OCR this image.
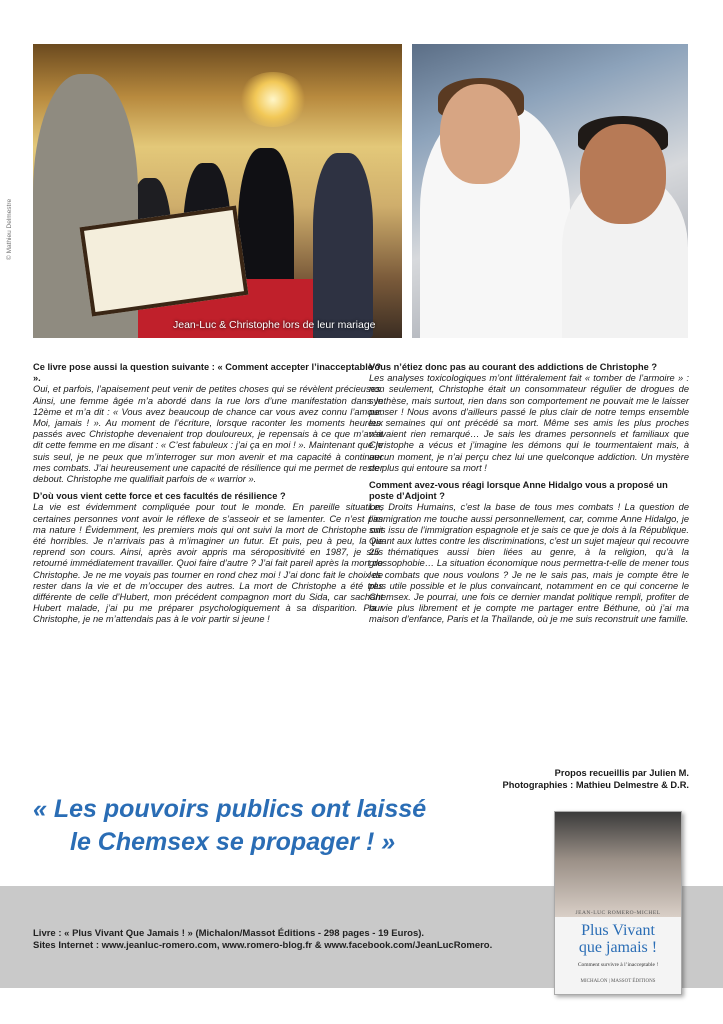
Jean-Luc & Christophe lors de leur mariage
© Mathieu Delmestre

Ce livre pose aussi la question suivante : « Comment accepter l’inacceptable ? ».

Oui, et parfois, l’apaisement peut venir de petites choses qui se révèlent précieuses. Ainsi, une femme âgée m’a abordé dans la rue lors d’une manifestation dans le 12ème et m’a dit : « Vous avez beaucoup de chance car vous avez connu l’amour. Moi, jamais ! ». Au moment de l’écriture, lorsque raconter les moments heureux passés avec Christophe devenaient trop douloureux, je repensais à ce que m’avait dit cette femme en me disant : « C’est fabuleux : j’ai ça en moi ! ». Maintenant que je suis seul, je ne peux que m’interroger sur mon avenir et ma capacité à continuer mes combats. J’ai heureusement une capacité de résilience qui me permet de rester debout. Christophe me qualifiait parfois de « warrior ».

D’où vous vient cette force et ces facultés de résilience ?

La vie est évidemment compliquée pour tout le monde. En pareille situation, certaines personnes vont avoir le réflexe de s’asseoir et se lamenter. Ce n’est pas ma nature ! Évidemment, les premiers mois qui ont suivi la mort de Christophe ont été horribles. Je n’arrivais pas à m’imaginer un futur. Et puis, peu à peu, la vie reprend son cours. Ainsi, après avoir appris ma séropositivité en 1987, je suis retourné immédiatement travailler. Quoi faire d’autre ? J’ai fait pareil après la mort de Christophe. Je ne me voyais pas tourner en rond chez moi ! J’ai donc fait le choix de rester dans la vie et de m’occuper des autres. La mort de Christophe a été très différente de celle d’Hubert, mon précédent compagnon mort du Sida, car sachant Hubert malade, j’ai pu me préparer psychologiquement à sa disparition. Pour Christophe, je ne m’attendais pas à le voir partir si jeune !

Vous n’étiez donc pas au courant des addictions de Christophe ?

Les analyses toxicologiques m’ont littéralement fait « tomber de l’armoire » : non seulement, Christophe était un consommateur régulier de drogues de synthèse, mais surtout, rien dans son comportement ne pouvait me le laisser penser ! Nous avons d’ailleurs passé le plus clair de notre temps ensemble les semaines qui ont précédé sa mort. Même ses amis les plus proches n’avaient rien remarqué… Je sais les drames personnels et familiaux que Christophe a vécus et j’imagine les démons qui le tourmentaient mais, à aucun moment, je n’ai perçu chez lui une quelconque addiction. Un mystère de plus qui entoure sa mort !

Comment avez-vous réagi lorsque Anne Hidalgo vous a proposé un poste d’Adjoint ?

Les Droits Humains, c’est la base de tous mes combats ! La question de l’immigration me touche aussi personnellement, car, comme Anne Hidalgo, je suis issu de l’immigration espagnole et je sais ce que je dois à la République. Quant aux luttes contre les discriminations, c’est un sujet majeur qui recouvre 25 thématiques aussi bien liées au genre, à la religion, qu’à la grossophobie… La situation économique nous permettra-t-elle de mener tous les combats que nous voulons ? Je ne le sais pas, mais je compte être le plus utile possible et le plus convaincant, notamment en ce qui concerne le Chemsex. Je pourrai, une fois ce dernier mandat politique rempli, profiter de la vie plus librement et je compte me partager entre Béthune, où j’ai ma maison d’enfance, Paris et la Thaïlande, où je me suis reconstruit une famille.

Propos recueillis par Julien M.
Photographies : Mathieu Delmestre & D.R.
« Les pouvoirs publics ont laissé
le Chemsex se propager ! »
Livre : « Plus Vivant Que Jamais ! » (Michalon/Massot Éditions - 298 pages - 19 Euros).
Sites Internet : www.jeanluc-romero.com, www.romero-blog.fr & www.facebook.com/JeanLucRomero.
JEAN-LUC ROMERO-MICHEL
Plus Vivant
que jamais !
Comment survivre à l’inacceptable !
MICHALON | MASSOT ÉDITIONS
